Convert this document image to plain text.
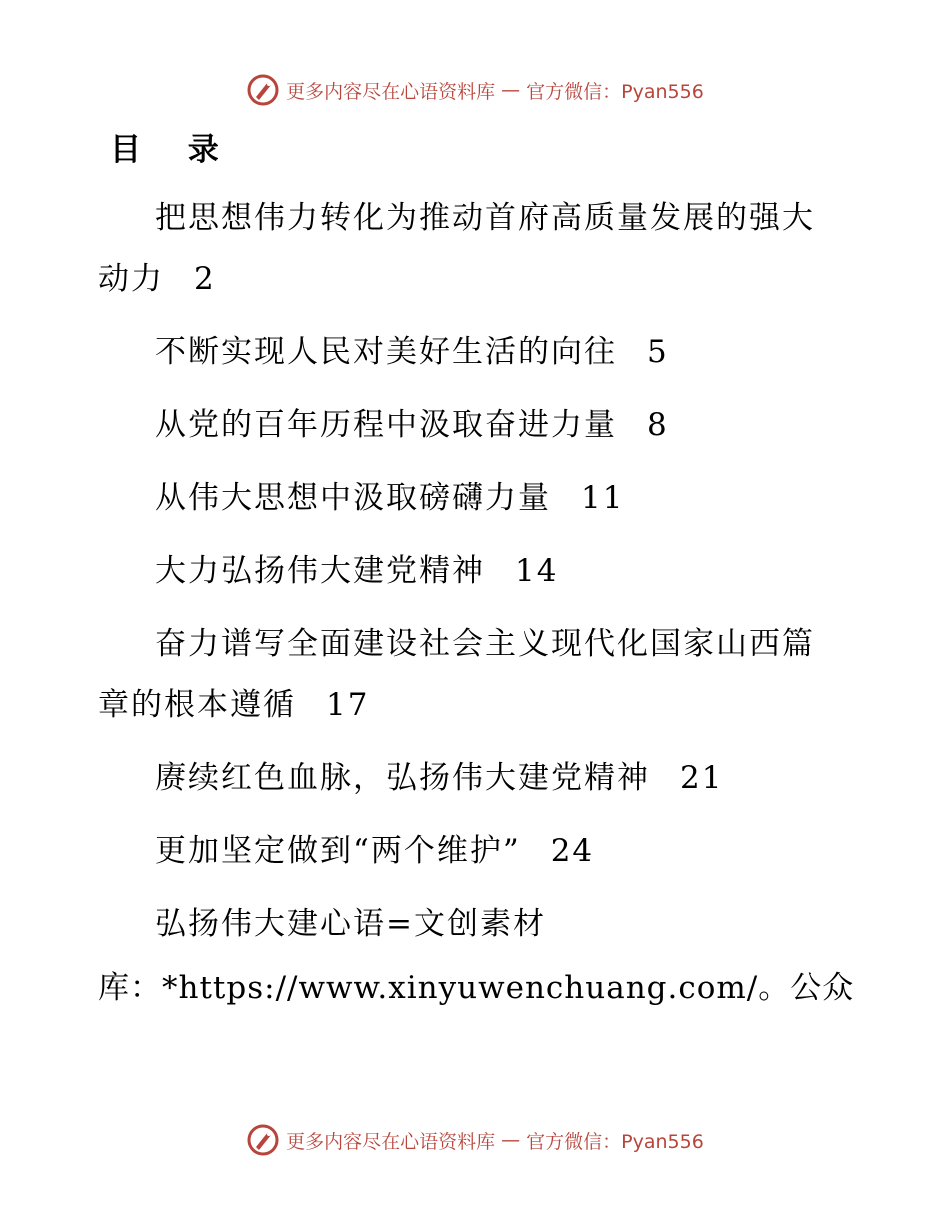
更多内容尽在心语资料库 — 官方微信：Pyan556
目 录
把思想伟力转化为推动首府高质量发展的强大动力 2
不断实现人民对美好生活的向往 5
从党的百年历程中汲取奋进力量 8
从伟大思想中汲取磅礴力量 11
大力弘扬伟大建党精神 14
奋力谱写全面建设社会主义现代化国家山西篇章的根本遵循 17
赓续红色血脉，弘扬伟大建党精神 21
更加坚定做到“两个维护” 24
弘扬伟大建心语=文创素材
库：*https://www.xinyuwenchuang.com/。公众
更多内容尽在心语资料库 — 官方微信：Pyan556
